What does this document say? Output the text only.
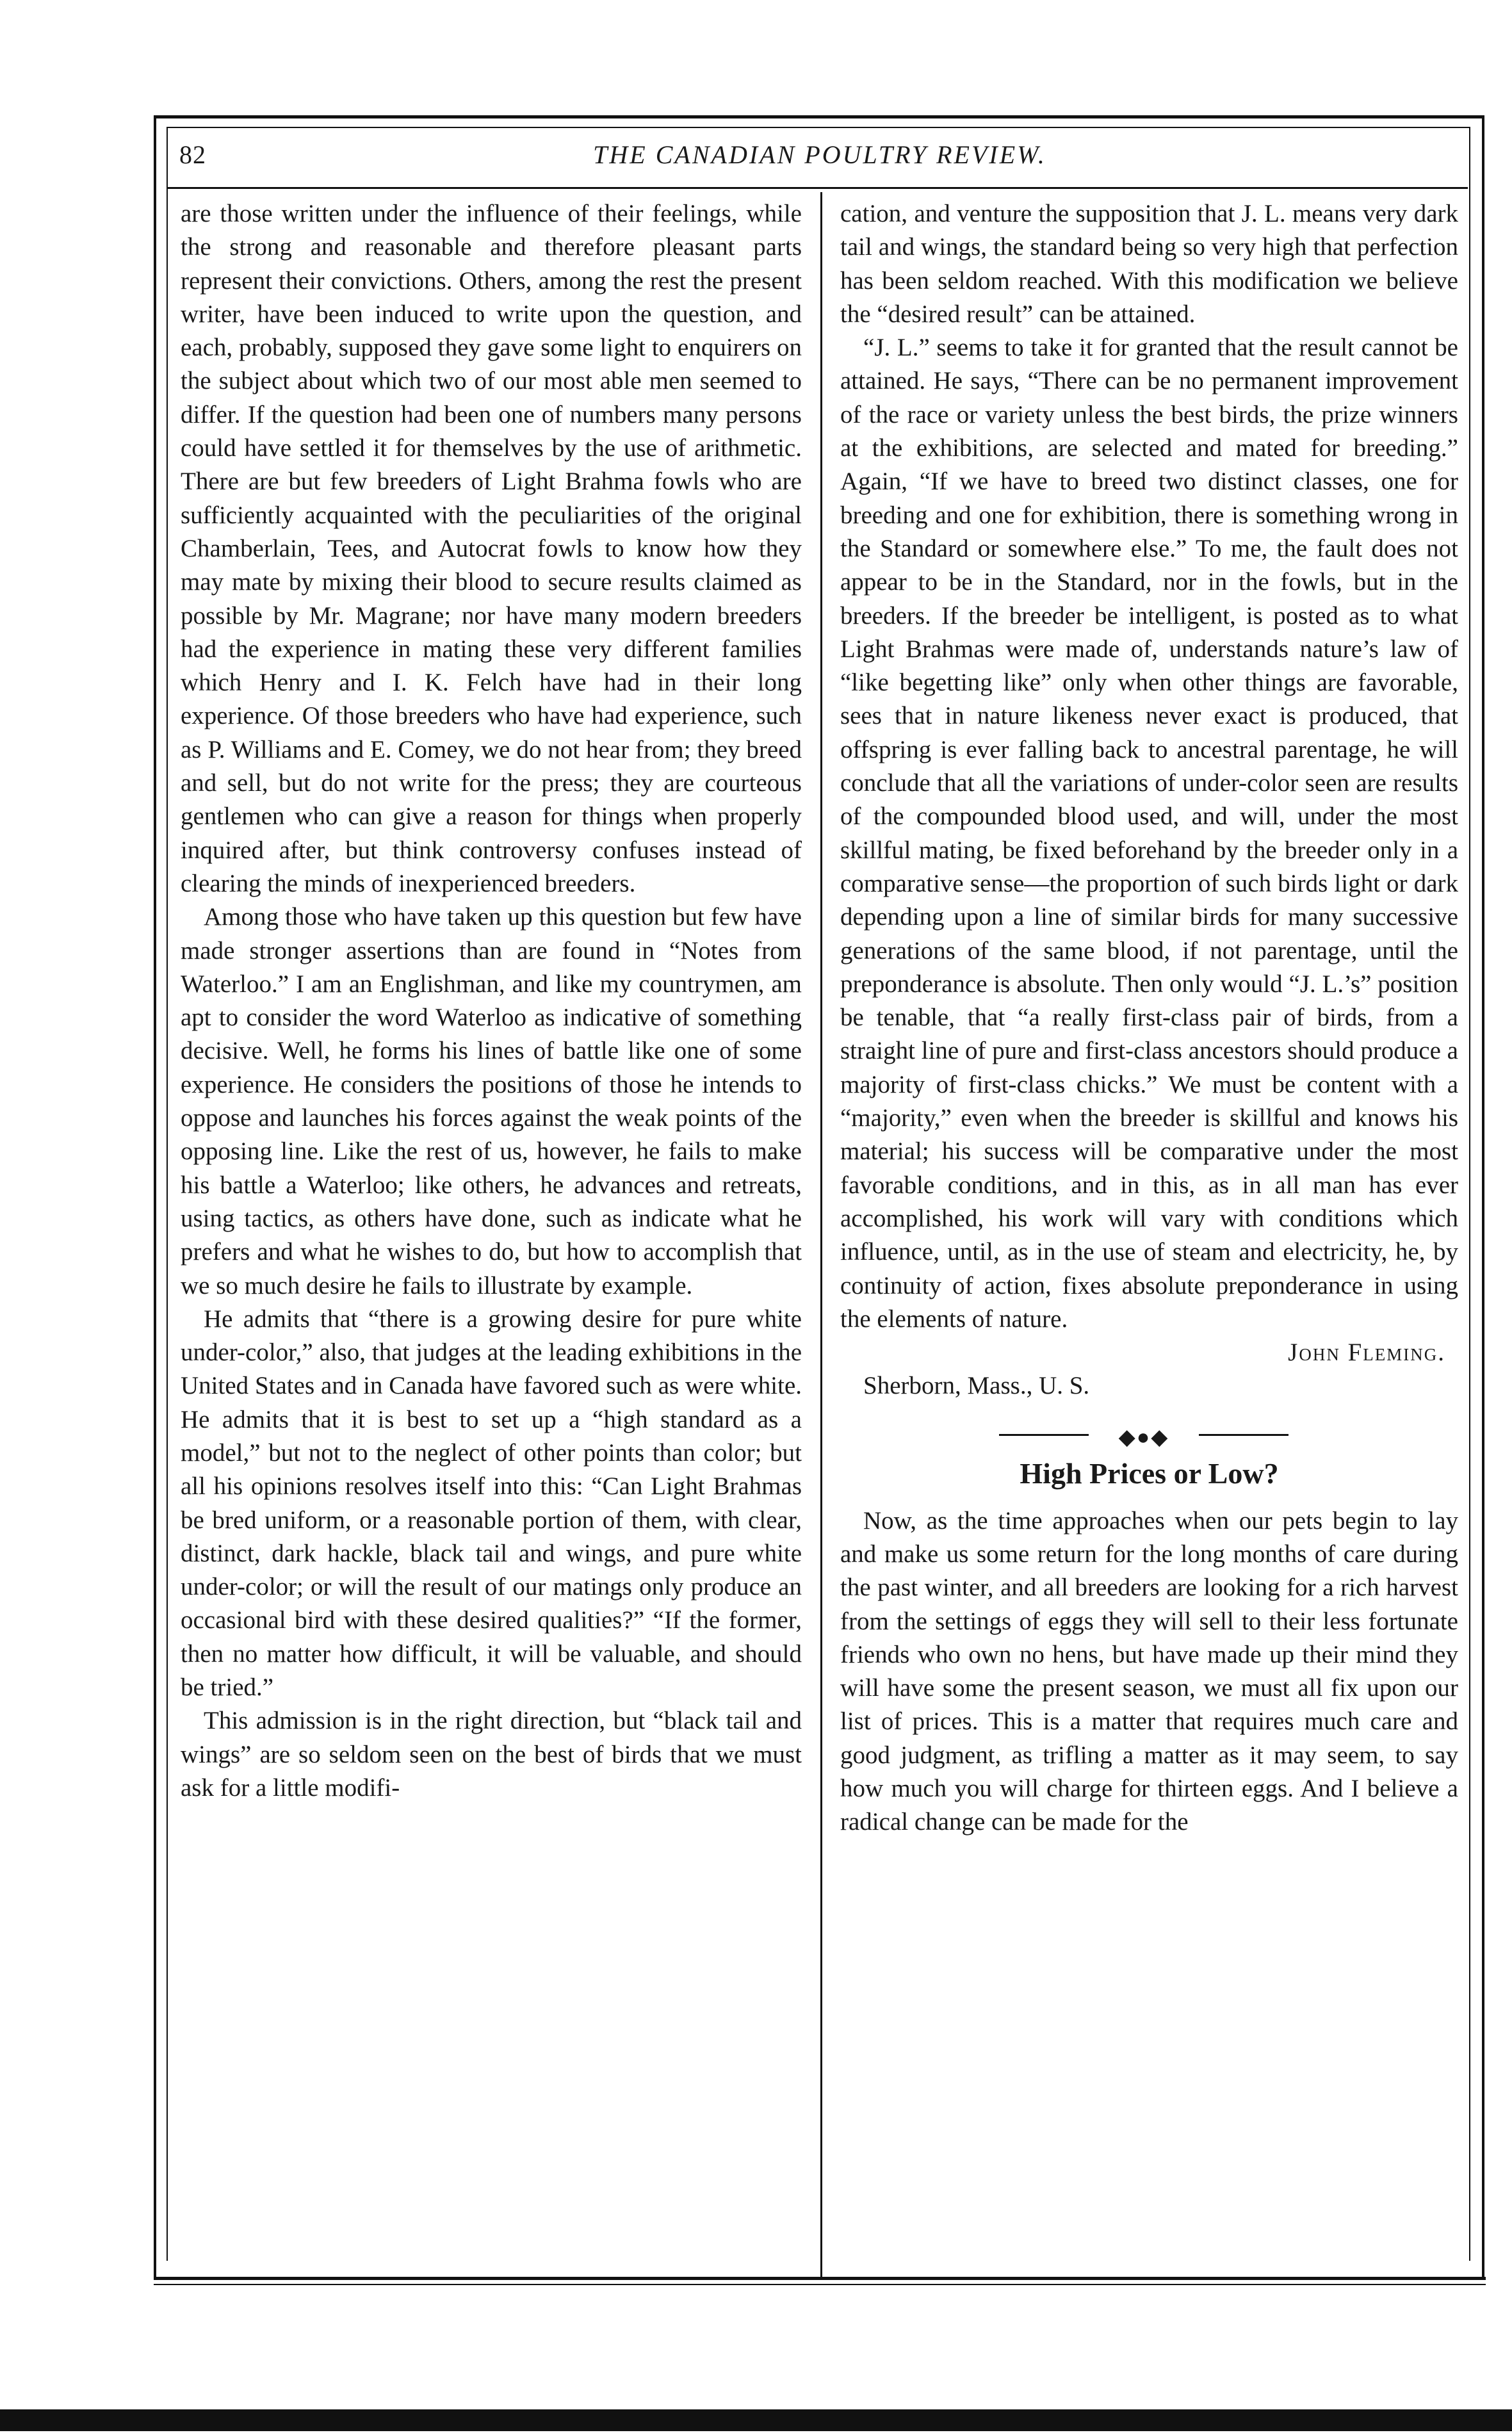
THE CANADIAN POULTRY REVIEW.
82

are those written under the influence of their feelings, while the strong and reasonable and therefore pleasant parts represent their convictions. Others, among the rest the present writer, have been induced to write upon the question, and each, probably, supposed they gave some light to enquirers on the subject about which two of our most able men seemed to differ. If the question had been one of numbers many persons could have settled it for themselves by the use of arithmetic. There are but few breeders of Light Brahma fowls who are sufficiently acquainted with the peculiarities of the original Chamberlain, Tees, and Autocrat fowls to know how they may mate by mixing their blood to secure results claimed as possible by Mr. Magrane; nor have many modern breeders had the experience in mating these very different families which Henry and I. K. Felch have had in their long experience. Of those breeders who have had experience, such as P. Williams and E. Comey, we do not hear from; they breed and sell, but do not write for the press; they are courteous gentlemen who can give a reason for things when properly inquired after, but think controversy confuses instead of clearing the minds of inexperienced breeders.

Among those who have taken up this question but few have made stronger assertions than are found in “Notes from Waterloo.” I am an Englishman, and like my countrymen, am apt to consider the word Waterloo as indicative of something decisive. Well, he forms his lines of battle like one of some experience. He considers the positions of those he intends to oppose and launches his forces against the weak points of the opposing line. Like the rest of us, however, he fails to make his battle a Waterloo; like others, he advances and retreats, using tactics, as others have done, such as indicate what he prefers and what he wishes to do, but how to accomplish that we so much desire he fails to illustrate by example.

He admits that “there is a growing desire for pure white under-color,” also, that judges at the leading exhibitions in the United States and in Canada have favored such as were white. He admits that it is best to set up a “high standard as a model,” but not to the neglect of other points than color; but all his opinions resolves itself into this: “Can Light Brahmas be bred uniform, or a reasonable portion of them, with clear, distinct, dark hackle, black tail and wings, and pure white under-color; or will the result of our matings only produce an occasional bird with these desired qualities?” “If the former, then no matter how difficult, it will be valuable, and should be tried.”

This admission is in the right direction, but “black tail and wings” are so seldom seen on the best of birds that we must ask for a little modifi-

cation, and venture the supposition that J. L. means very dark tail and wings, the standard being so very high that perfection has been seldom reached. With this modification we believe the “desired result” can be attained.

“J. L.” seems to take it for granted that the result cannot be attained. He says, “There can be no permanent improvement of the race or variety unless the best birds, the prize winners at the exhibitions, are selected and mated for breeding.” Again, “If we have to breed two distinct classes, one for breeding and one for exhibition, there is something wrong in the Standard or somewhere else.” To me, the fault does not appear to be in the Standard, nor in the fowls, but in the breeders. If the breeder be intelligent, is posted as to what Light Brahmas were made of, understands nature’s law of “like begetting like” only when other things are favorable, sees that in nature likeness never exact is produced, that offspring is ever falling back to ancestral parentage, he will conclude that all the variations of under-color seen are results of the compounded blood used, and will, under the most skillful mating, be fixed beforehand by the breeder only in a comparative sense—the proportion of such birds light or dark depending upon a line of similar birds for many successive generations of the same blood, if not parentage, until the preponderance is absolute. Then only would “J. L.’s” position be tenable, that “a really first-class pair of birds, from a straight line of pure and first-class ancestors should produce a majority of first-class chicks.” We must be content with a “majority,” even when the breeder is skillful and knows his material; his success will be comparative under the most favorable conditions, and in this, as in all man has ever accomplished, his work will vary with conditions which influence, until, as in the use of steam and electricity, he, by continuity of action, fixes absolute preponderance in using the elements of nature.

John Fleming.

Sherborn, Mass., U. S.

◆●◆
High Prices or Low?

Now, as the time approaches when our pets begin to lay and make us some return for the long months of care during the past winter, and all breeders are looking for a rich harvest from the settings of eggs they will sell to their less fortunate friends who own no hens, but have made up their mind they will have some the present season, we must all fix upon our list of prices. This is a matter that requires much care and good judgment, as trifling a matter as it may seem, to say how much you will charge for thirteen eggs. And I believe a radical change can be made for the
